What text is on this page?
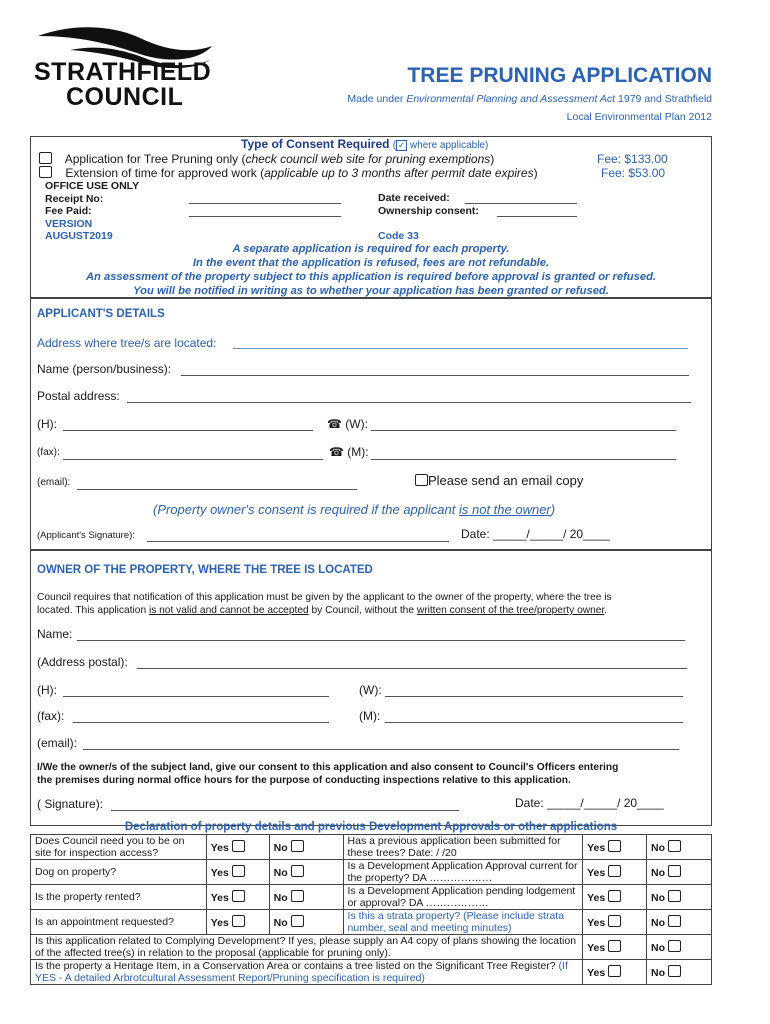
STRATHFIELD
COUNCIL
TREE PRUNING APPLICATION
Made under Environmental Planning and Assessment Act 1979 and Strathfield
Local Environmental Plan 2012
Type of Consent Required ( ✓ where applicable)
Application for Tree Pruning only (check council web site for pruning exemptions)	Fee: $133.00
Extension of time for approved work (applicable up to 3 months after permit date expires)	Fee: $53.00
OFFICE USE ONLY
Receipt No:
Fee Paid:
VERSION
AUGUST2019
Date received:
Ownership consent:
Code 33
A separate application is required for each property.
In the event that the application is refused, fees are not refundable.
An assessment of the property subject to this application is required before approval is granted or refused.
You will be notified in writing as to whether your application has been granted or refused.
APPLICANT'S DETAILS
Address where tree/s are located:
Name (person/business):
Postal address:
(H):	☎ (W):
(fax):	☎ (M):
(email):	Please send an email copy
(Property owner's consent is required if the applicant is not the owner)
(Applicant's Signature):	Date: _____/_____/ 20____
OWNER OF THE PROPERTY, WHERE THE TREE IS LOCATED
Council requires that notification of this application must be given by the applicant to the owner of the property, where the tree is
located. This application is not valid and cannot be accepted by Council, without the written consent of the tree/property owner.
Name:
(Address postal):
(H):	(W):
(fax):	(M):
(email):
I/We the owner/s of the subject land, give our consent to this application and also consent to Council's Officers entering
the premises during normal office hours for the purpose of conducting inspections relative to this application.
( Signature):	Date: _____/_____/ 20____
Declaration of property details and previous Development Approvals or other applications
Does Council need you to be on site for inspection access?	Yes	No	Has a previous application been submitted for these trees? Date: / /20	Yes	No
Dog on property?	Yes	No	Is a Development Application Approval current for the property? DA ………………	Yes	No
Is the property rented?	Yes	No	Is a Development Application pending lodgement or approval? DA ………………	Yes	No
Is an appointment requested?	Yes	No	Is this a strata property? (Please include strata number, seal and meeting minutes)	Yes	No
Is this application related to Complying Development? If yes, please supply an A4 copy of plans showing the location of the affected tree(s) in relation to the proposal (applicable for pruning only).				Yes	No
Is the property a Heritage Item, in a Conservation Area or contains a tree listed on the Significant Tree Register? (If YES - A detailed Arbrotcultural Assessment Report/Pruning specification is required)				Yes	No
